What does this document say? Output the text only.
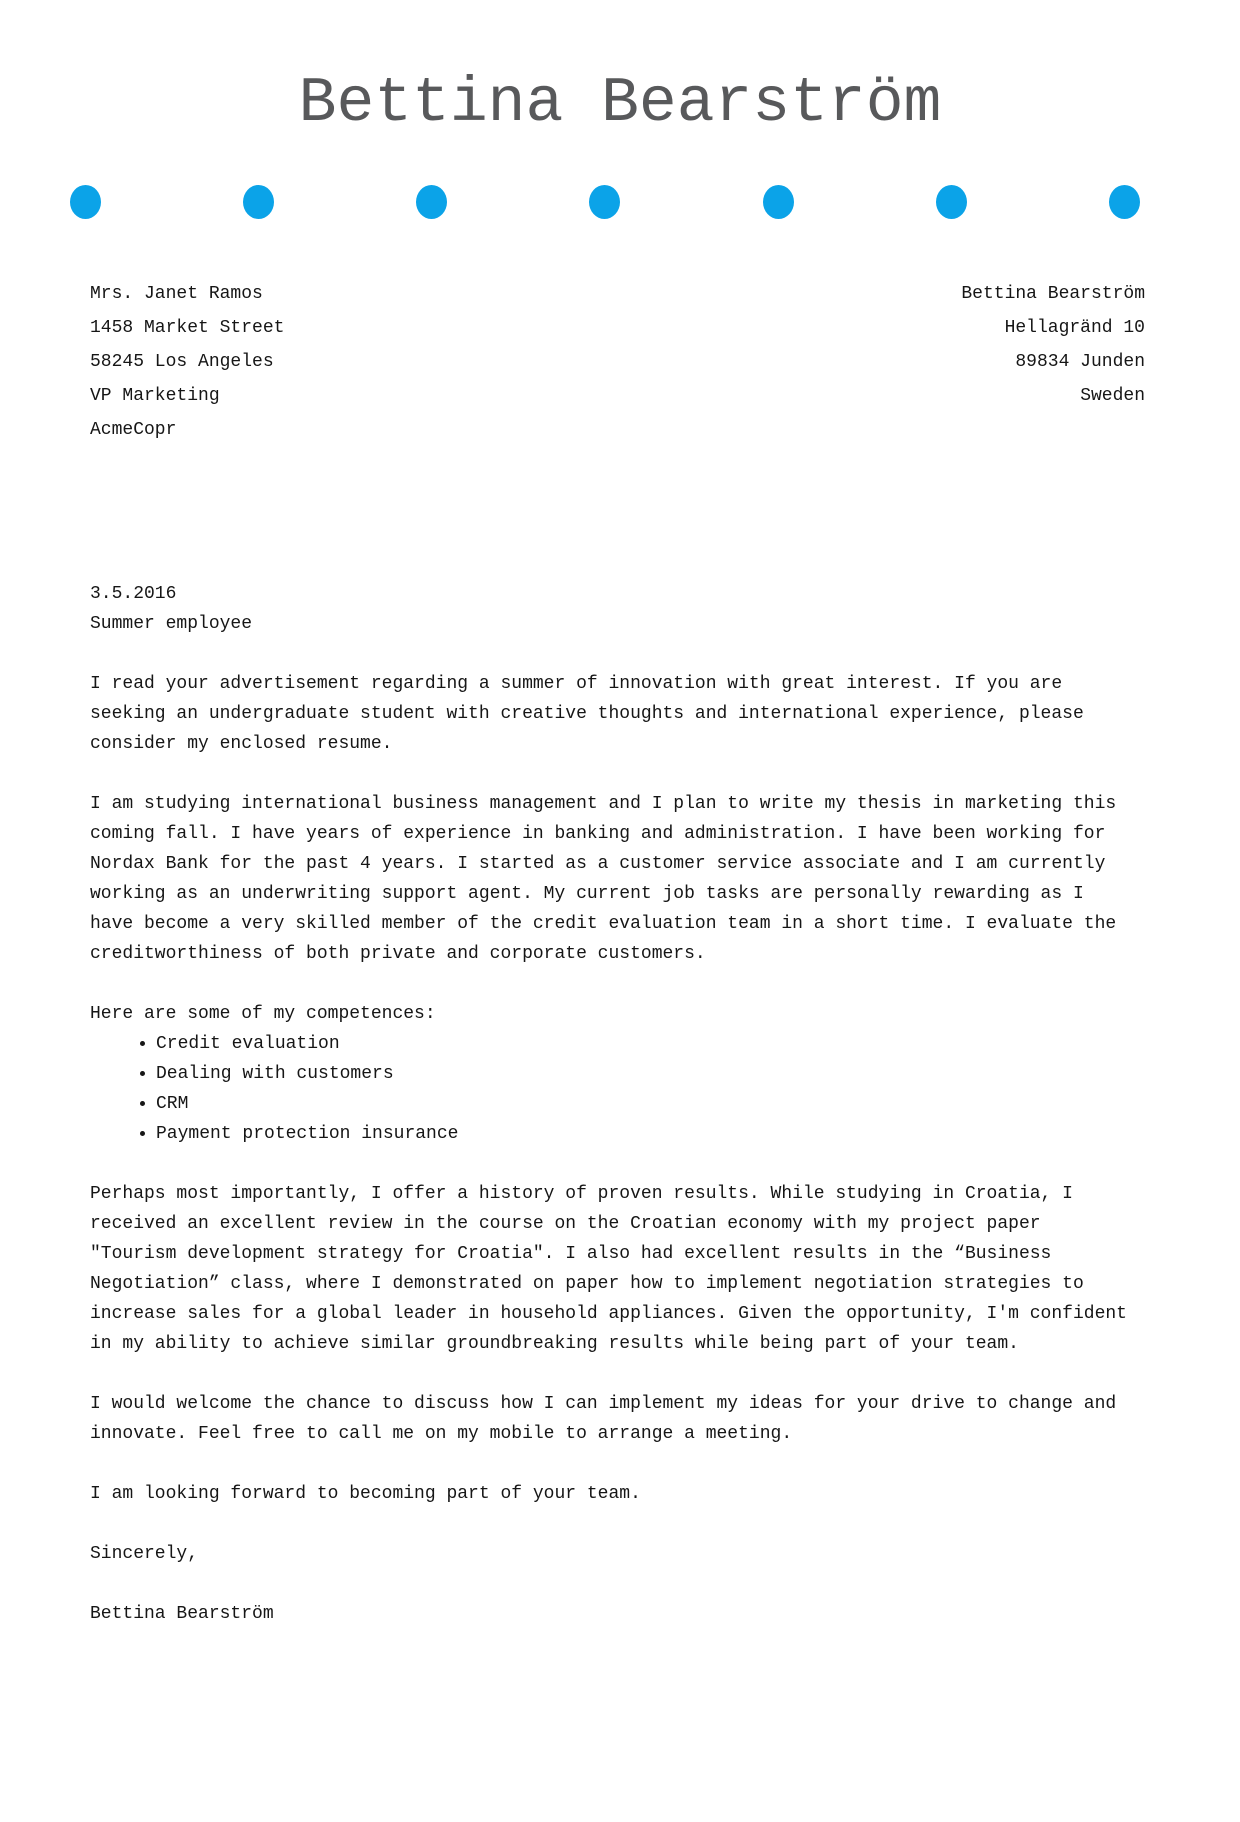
Bettina Bearström
Mrs. Janet Ramos
1458 Market Street
58245 Los Angeles
VP Marketing
AcmeCopr
Bettina Bearström
Hellagränd 10
89834 Junden
Sweden
3.5.2016
Summer employee

I read your advertisement regarding a summer of innovation with great interest. If you are seeking an undergraduate student with creative thoughts and international experience, please consider my enclosed resume.

I am studying international business management and I plan to write my thesis in marketing this coming fall. I have years of experience in banking and administration. I have been working for Nordax Bank for the past 4 years. I started as a customer service associate and I am currently working as an underwriting support agent. My current job tasks are personally rewarding as I have become a very skilled member of the credit evaluation team in a short time. I evaluate the creditworthiness of both private and corporate customers.

Here are some of my competences:

• Credit evaluation
• Dealing with customers
• CRM
• Payment protection insurance

Perhaps most importantly, I offer a history of proven results. While studying in Croatia, I received an excellent review in the course on the Croatian economy with my project paper "Tourism development strategy for Croatia". I also had excellent results in the “Business Negotiation” class, where I demonstrated on paper how to implement negotiation strategies to increase sales for a global leader in household appliances. Given the opportunity, I'm confident in my ability to achieve similar groundbreaking results while being part of your team.

I would welcome the chance to discuss how I can implement my ideas for your drive to change and innovate. Feel free to call me on my mobile to arrange a meeting.

I am looking forward to becoming part of your team.

Sincerely,

Bettina Bearström
